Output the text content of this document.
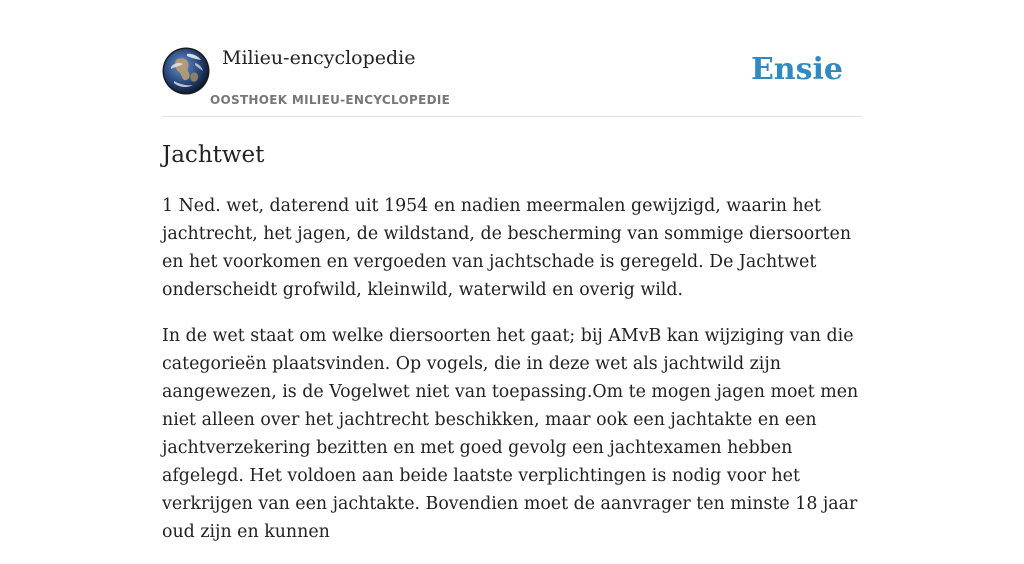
Milieu-encyclopedie
OOSTHOEK MILIEU-ENCYCLOPEDIE
Ensie
Jachtwet

1 Ned. wet, daterend uit 1954 en nadien meermalen gewijzigd, waarin het jachtrecht, het jagen, de wildstand, de bescherming van sommige diersoorten en het voorkomen en vergoeden van jachtschade is geregeld. De Jachtwet onderscheidt grofwild, kleinwild, waterwild en overig wild.

In de wet staat om welke diersoorten het gaat; bij AMvB kan wijziging van die categorieën plaatsvinden. Op vogels, die in deze wet als jachtwild zijn aangewezen, is de Vogelwet niet van toepassing.Om te mogen jagen moet men niet alleen over het jachtrecht beschikken, maar ook een jachtakte en een jachtverzekering bezitten en met goed gevolg een jachtexamen hebben afgelegd. Het voldoen aan beide laatste verplichtingen is nodig voor het verkrijgen van een jachtakte. Bovendien moet de aanvrager ten minste 18 jaar oud zijn en kunnen
